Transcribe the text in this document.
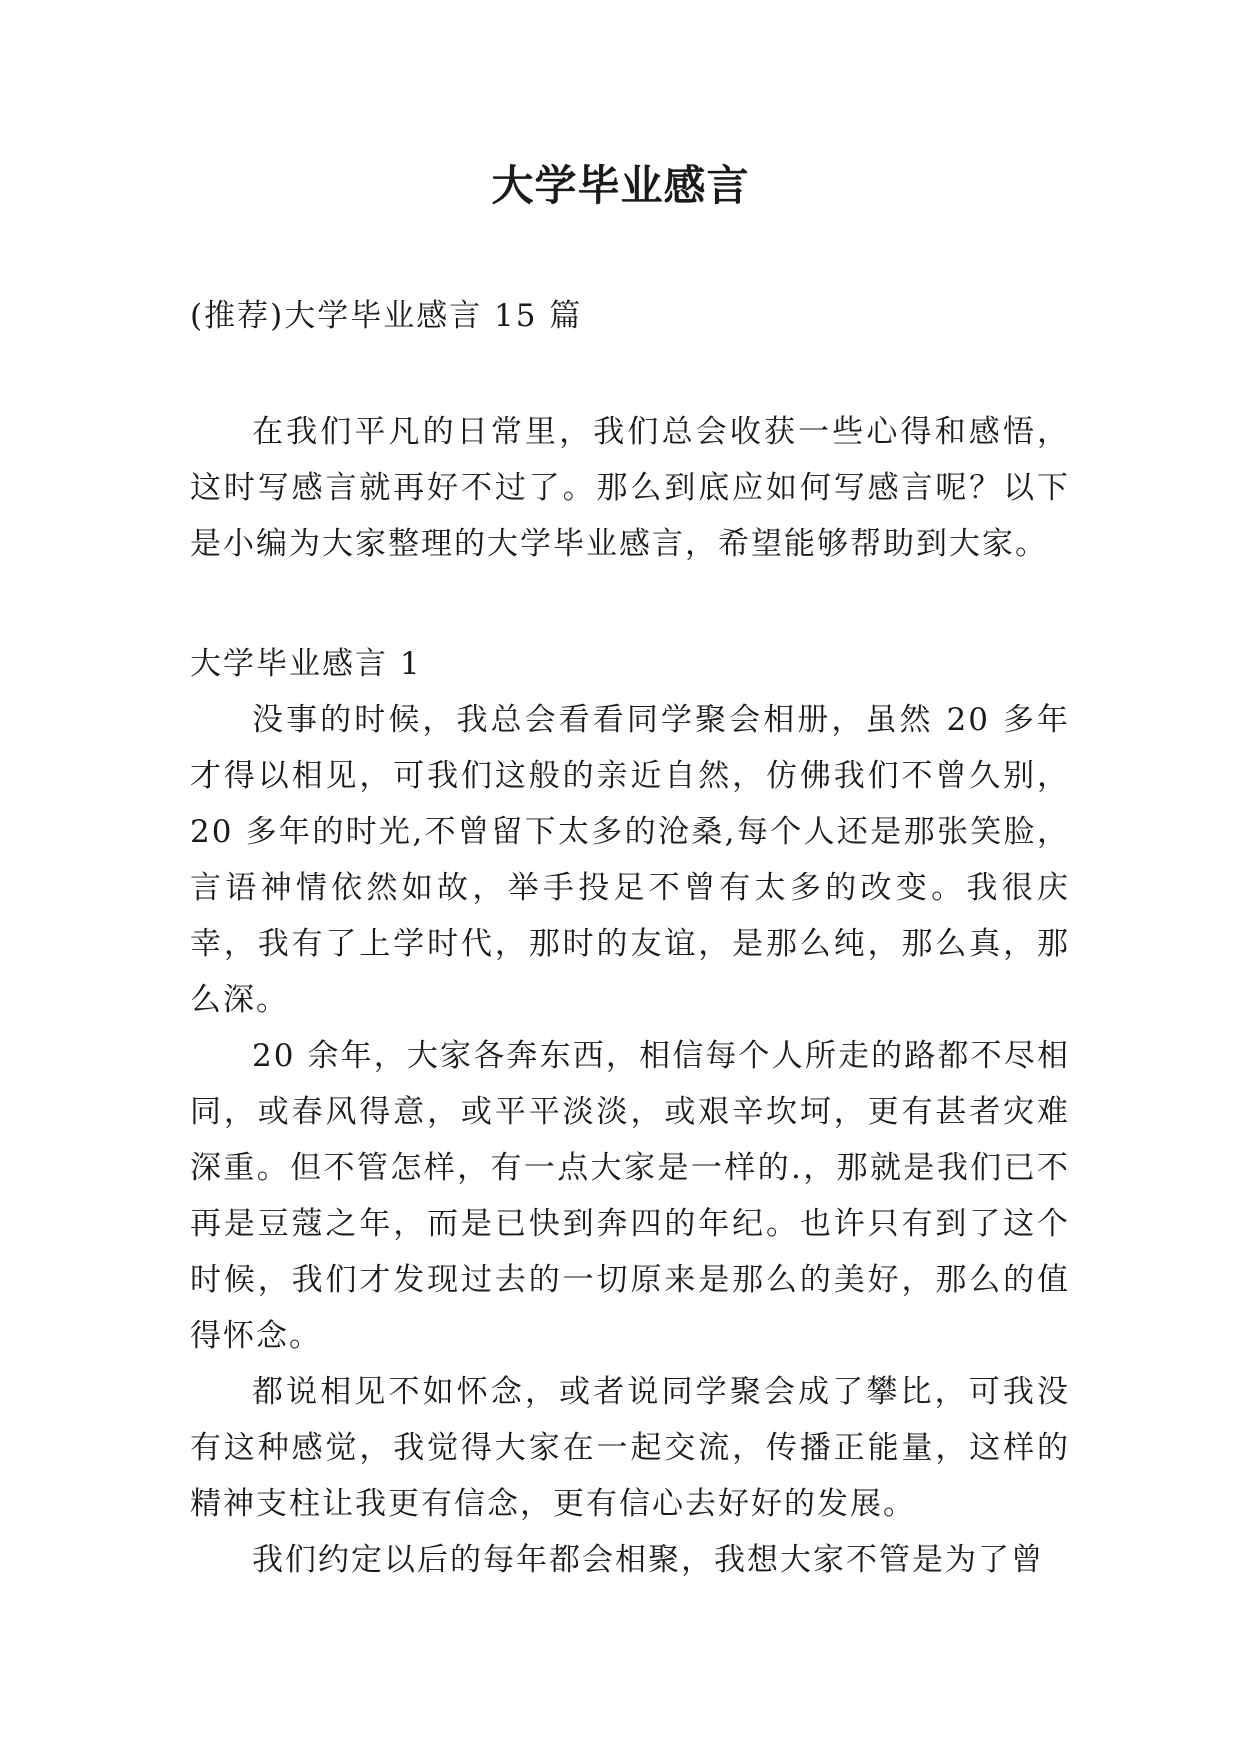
大学毕业感言

(推荐)大学毕业感言 15 篇

在我们平凡的日常里，我们总会收获一些心得和感悟，这时写感言就再好不过了。那么到底应如何写感言呢？以下是小编为大家整理的大学毕业感言，希望能够帮助到大家。

大学毕业感言 1

没事的时候，我总会看看同学聚会相册，虽然 20 多年才得以相见，可我们这般的亲近自然，仿佛我们不曾久别，20 多年的时光,不曾留下太多的沧桑,每个人还是那张笑脸，言语神情依然如故，举手投足不曾有太多的改变。我很庆幸，我有了上学时代，那时的友谊，是那么纯，那么真，那么深。

20 余年，大家各奔东西，相信每个人所走的路都不尽相同，或春风得意，或平平淡淡，或艰辛坎坷，更有甚者灾难深重。但不管怎样，有一点大家是一样的.，那就是我们已不再是豆蔻之年，而是已快到奔四的年纪。也许只有到了这个时候，我们才发现过去的一切原来是那么的美好，那么的值得怀念。

都说相见不如怀念，或者说同学聚会成了攀比，可我没有这种感觉，我觉得大家在一起交流，传播正能量，这样的精神支柱让我更有信念，更有信心去好好的发展。

我们约定以后的每年都会相聚，我想大家不管是为了曾
